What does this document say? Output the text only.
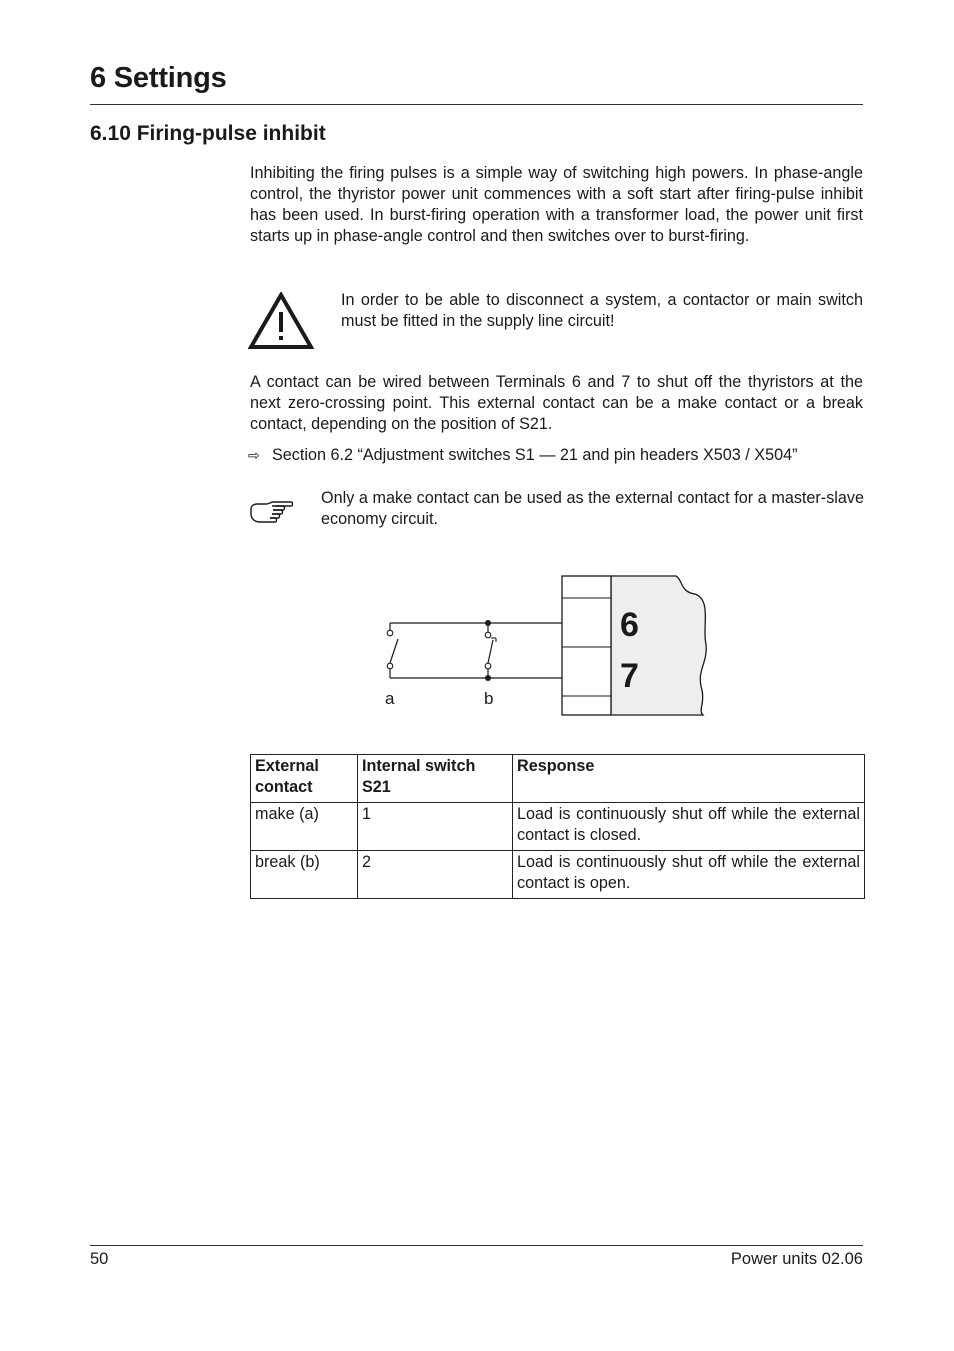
6 Settings
6.10 Firing-pulse inhibit

Inhibiting the firing pulses is a simple way of switching high powers. In phase-angle control, the thyristor power unit commences with a soft start after firing-pulse inhibit has been used. In burst-firing operation with a transformer load, the power unit first starts up in phase-angle control and then switches over to burst-firing.

In order to be able to disconnect a system, a contactor or main switch must be fitted in the supply line circuit!

A contact can be wired between Terminals 6 and 7 to shut off the thyristors at the next zero-crossing point. This external contact can be a make contact or a break contact, depending on the position of S21.

⇨ Section 6.2 “Adjustment switches S1 — 21 and pin headers X503 / X504”

Only a make contact can be used as the external contact for a master-slave economy circuit.

6
7
a	b
External contact	Internal switch S21	Response
make (a)	1	Load is continuously shut off while the external contact is closed.
break (b)	2	Load is continuously shut off while the external contact is open.
50	Power units 02.06
